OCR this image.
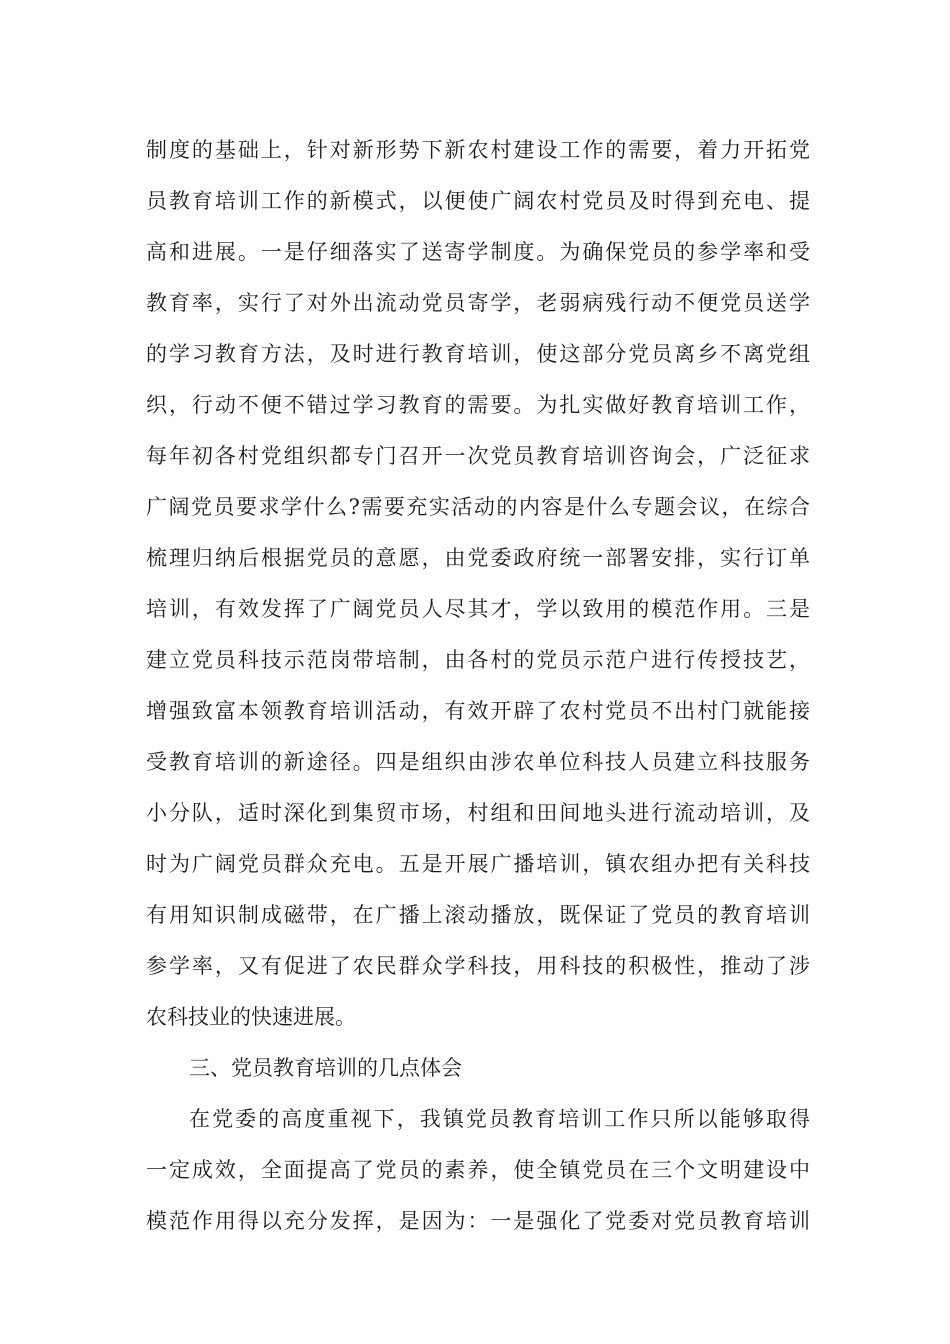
制度的基础上，针对新形势下新农村建设工作的需要，着力开拓党
员教育培训工作的新模式，以便使广阔农村党员及时得到充电、提
高和进展。一是仔细落实了送寄学制度。为确保党员的参学率和受
教育率，实行了对外出流动党员寄学，老弱病残行动不便党员送学
的学习教育方法，及时进行教育培训，使这部分党员离乡不离党组
织，行动不便不错过学习教育的需要。为扎实做好教育培训工作，
每年初各村党组织都专门召开一次党员教育培训咨询会，广泛征求
广阔党员要求学什么?需要充实活动的内容是什么专题会议，在综合
梳理归纳后根据党员的意愿，由党委政府统一部署安排，实行订单
培训，有效发挥了广阔党员人尽其才，学以致用的模范作用。三是
建立党员科技示范岗带培制，由各村的党员示范户进行传授技艺，
增强致富本领教育培训活动，有效开辟了农村党员不出村门就能接
受教育培训的新途径。四是组织由涉农单位科技人员建立科技服务
小分队，适时深化到集贸市场，村组和田间地头进行流动培训，及
时为广阔党员群众充电。五是开展广播培训，镇农组办把有关科技
有用知识制成磁带，在广播上滚动播放，既保证了党员的教育培训
参学率，又有促进了农民群众学科技，用科技的积极性，推动了涉
农科技业的快速进展。
三、党员教育培训的几点体会
在党委的高度重视下，我镇党员教育培训工作只所以能够取得
一定成效，全面提高了党员的素养，使全镇党员在三个文明建设中
模范作用得以充分发挥，是因为：一是强化了党委对党员教育培训
